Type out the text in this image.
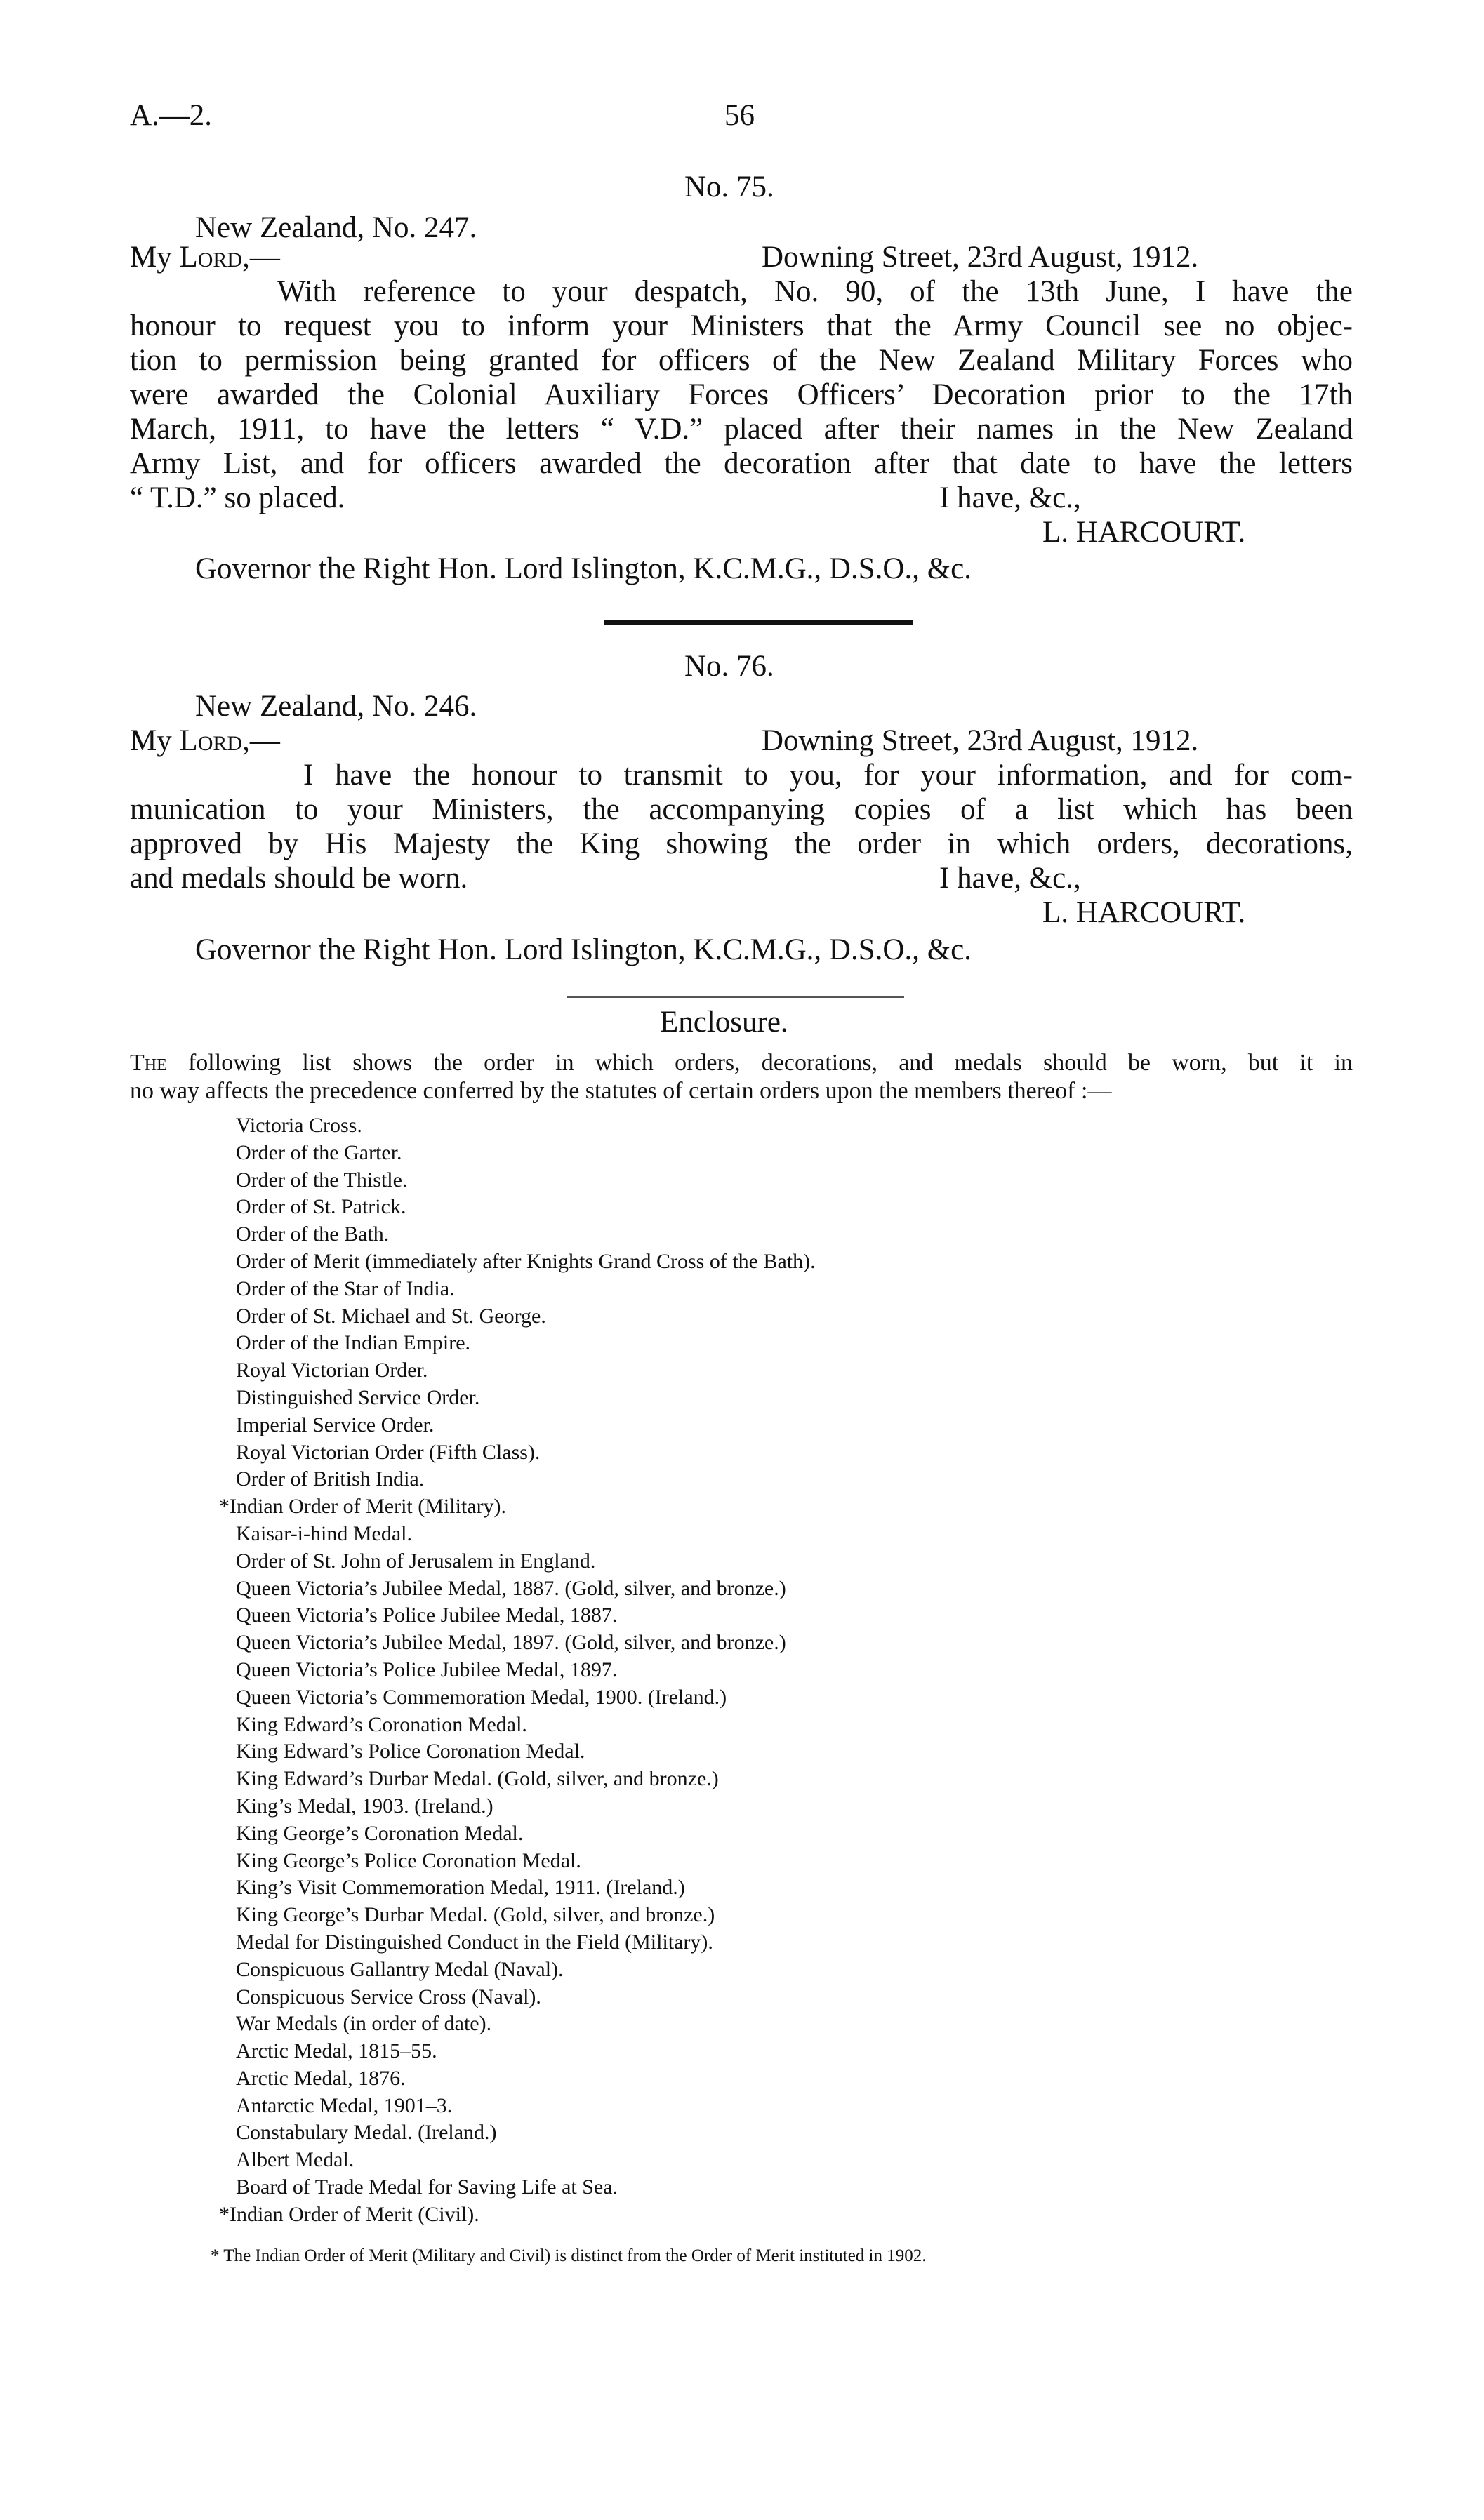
A.—2.	56
No. 75.
New Zealand, No. 247.
My Lord,—	Downing Street, 23rd August, 1912.
With reference to your despatch, No. 90, of the 13th June, I have the
honour to request you to inform your Ministers that the Army Council see no objec-
tion to permission being granted for officers of the New Zealand Military Forces who
were awarded the Colonial Auxiliary Forces Officers’ Decoration prior to the 17th
March, 1911, to have the letters “ V.D.” placed after their names in the New Zealand
Army List, and for officers awarded the decoration after that date to have the letters
“ T.D.” so placed.	I have, &c.,
L. HARCOURT.
Governor the Right Hon. Lord Islington, K.C.M.G., D.S.O., &c.
No. 76.
New Zealand, No. 246.
My Lord,—	Downing Street, 23rd August, 1912.
I have the honour to transmit to you, for your information, and for com-
munication to your Ministers, the accompanying copies of a list which has been
approved by His Majesty the King showing the order in which orders, decorations,
and medals should be worn.	I have, &c.,
L. HARCOURT.
Governor the Right Hon. Lord Islington, K.C.M.G., D.S.O., &c.
Enclosure.
The following list shows the order in which orders, decorations, and medals should be worn, but it in
no way affects the precedence conferred by the statutes of certain orders upon the members thereof :—
Victoria Cross.
Order of the Garter.
Order of the Thistle.
Order of St. Patrick.
Order of the Bath.
Order of Merit (immediately after Knights Grand Cross of the Bath).
Order of the Star of India.
Order of St. Michael and St. George.
Order of the Indian Empire.
Royal Victorian Order.
Distinguished Service Order.
Imperial Service Order.
Royal Victorian Order (Fifth Class).
Order of British India.
*Indian Order of Merit (Military).
Kaisar-i-hind Medal.
Order of St. John of Jerusalem in England.
Queen Victoria’s Jubilee Medal, 1887. (Gold, silver, and bronze.)
Queen Victoria’s Police Jubilee Medal, 1887.
Queen Victoria’s Jubilee Medal, 1897. (Gold, silver, and bronze.)
Queen Victoria’s Police Jubilee Medal, 1897.
Queen Victoria’s Commemoration Medal, 1900. (Ireland.)
King Edward’s Coronation Medal.
King Edward’s Police Coronation Medal.
King Edward’s Durbar Medal. (Gold, silver, and bronze.)
King’s Medal, 1903. (Ireland.)
King George’s Coronation Medal.
King George’s Police Coronation Medal.
King’s Visit Commemoration Medal, 1911. (Ireland.)
King George’s Durbar Medal. (Gold, silver, and bronze.)
Medal for Distinguished Conduct in the Field (Military).
Conspicuous Gallantry Medal (Naval).
Conspicuous Service Cross (Naval).
War Medals (in order of date).
Arctic Medal, 1815–55.
Arctic Medal, 1876.
Antarctic Medal, 1901–3.
Constabulary Medal. (Ireland.)
Albert Medal.
Board of Trade Medal for Saving Life at Sea.
*Indian Order of Merit (Civil).
* The Indian Order of Merit (Military and Civil) is distinct from the Order of Merit instituted in 1902.
